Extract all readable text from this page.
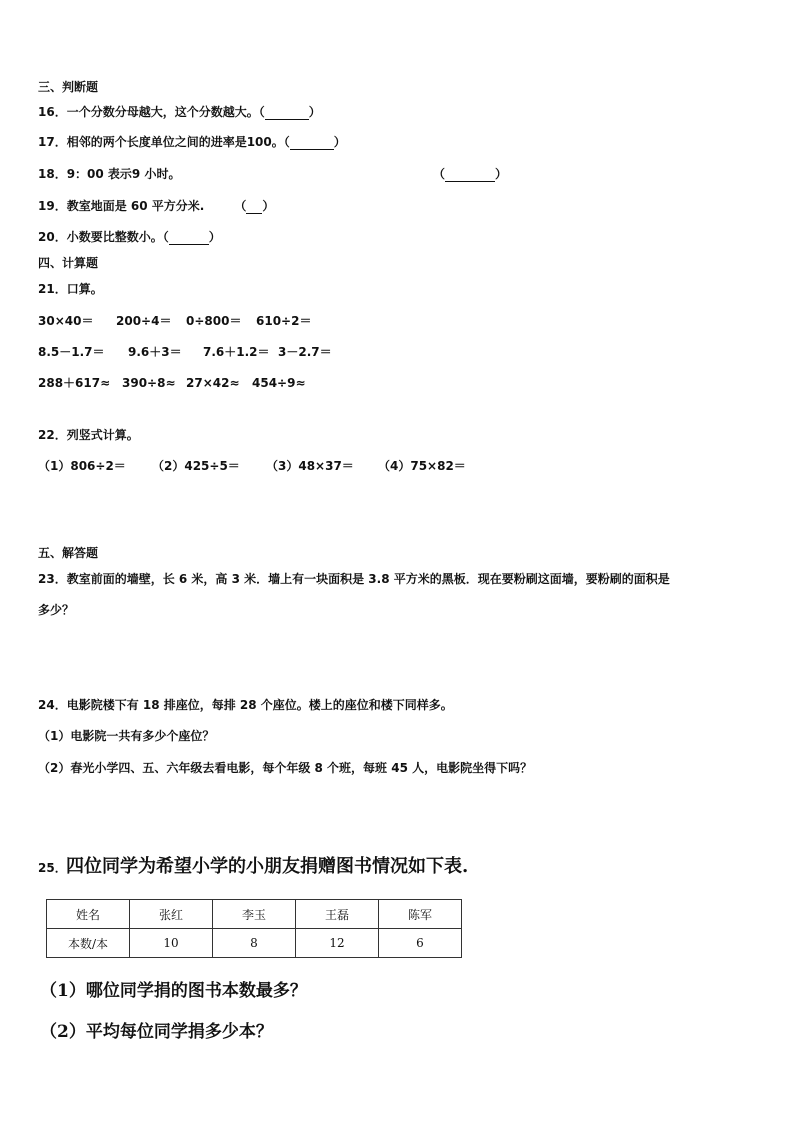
三、判断题
16．一个分数分母越大，这个分数越大。（	）
17．相邻的两个长度单位之间的进率是100。（	）
18．9：00 表示9 小时。	（	）
19．教室地面是 60 平方分米.	（ ）
20．小数要比整数小。（	）
四、计算题
21．口算。
30×40＝ 200÷4＝ 0÷800＝ 610÷2＝
8.5－1.7＝ 9.6＋3＝ 7.6＋1.2＝ 3－2.7＝
288＋617≈ 390÷8≈ 27×42≈ 454÷9≈
22．列竖式计算。
（1）806÷2＝ （2）425÷5＝ （3）48×37＝ （4）75×82＝
五、解答题
23．教室前面的墙壁，长 6 米，高 3 米．墙上有一块面积是 3.8 平方米的黑板．现在要粉刷这面墙，要粉刷的面积是
多少？
24．电影院楼下有 18 排座位，每排 28 个座位。楼上的座位和楼下同样多。
（1）电影院一共有多少个座位？
（2）春光小学四、五、六年级去看电影，每个年级 8 个班，每班 45 人，电影院坐得下吗？
25． 四位同学为希望小学的小朋友捐赠图书情况如下表.
姓名	张红	李玉	王磊	陈军
本数/本	10	8	12	6
（1）哪位同学捐的图书本数最多？
（2）平均每位同学捐多少本？
